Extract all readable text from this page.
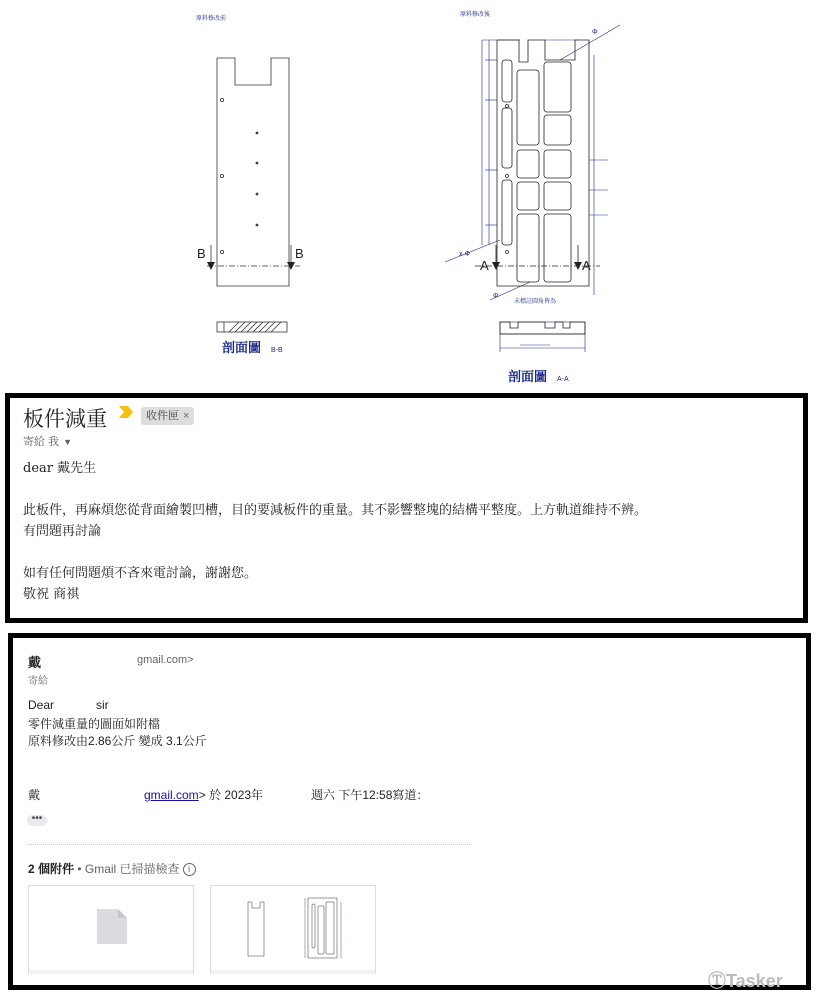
原料修改前
B	B
剖面圖 B-B
原料修改後
A	A
x Φ
Φ
Φ
未標註圓角皆為
剖面圖 A-A
板件減重	收件匣 ×
寄給 我 ▼

dear 戴先生

此板件，再麻煩您從背面繪製凹槽，目的要減板件的重量。其不影響整塊的結構平整度。上方軌道維持不辨。

有問題再討論

如有任何問題煩不吝來電討論，謝謝您。

敬祝 商祺

戴	gmail.com>
寄給
Dear	sir
零件減重量的圖面如附檔
原料修改由2.86公斤 變成 3.1公斤
戴	gmail.com> 於 2023年	週六 下午12:58寫道：
•••
2 個附件 • Gmail 已掃描檢查 i
ⓉTasker
